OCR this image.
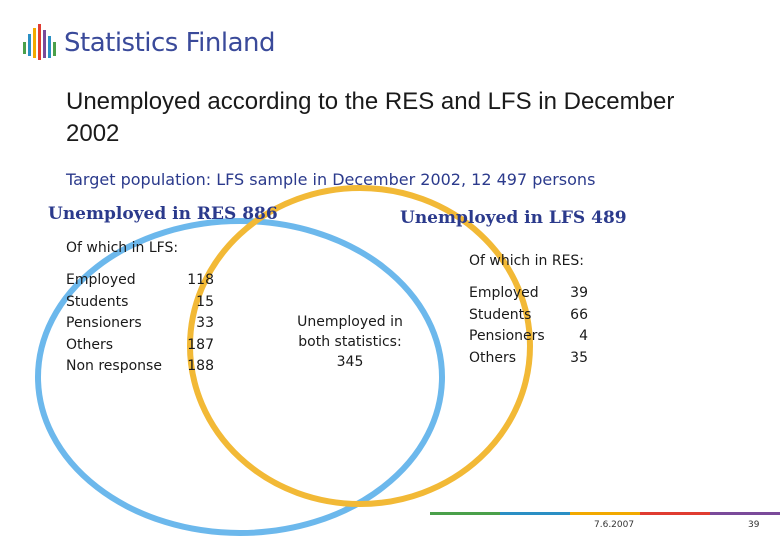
Statistics Finland
Unemployed according to the RES and LFS in December 2002
Target population: LFS sample in December 2002, 12 497 persons
Unemployed in RES 886	Unemployed in LFS 489
Of which in LFS:
Of which in RES:
Employed	118
Students	15
Pensioners	33
Others	187
Non response 188
Unemployed in
both statistics:
345
Employed 39
Students	66
Pensioners 4
Others	35
7.6.2007	39
